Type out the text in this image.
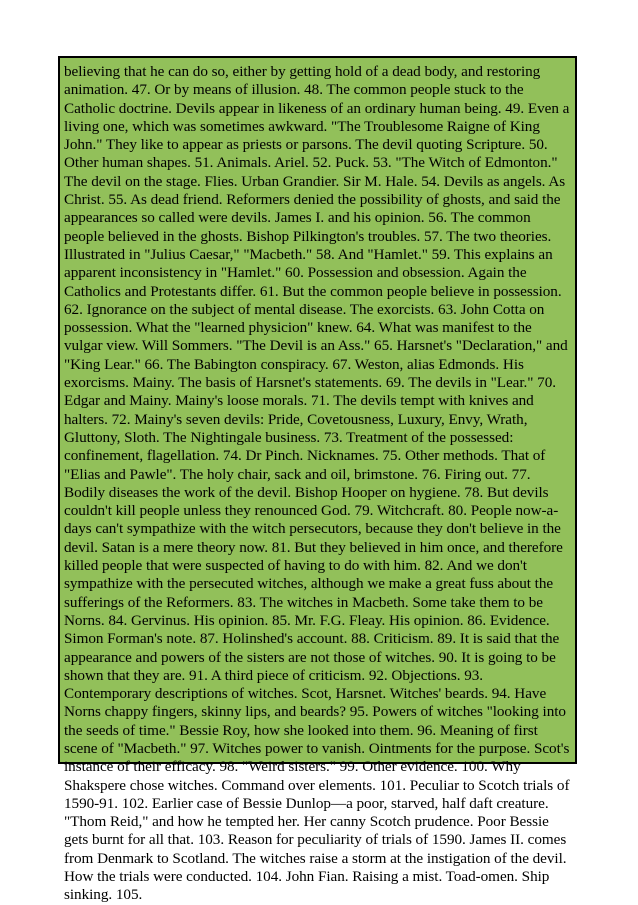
believing that he can do so, either by getting hold of a dead body, and restoring animation. 47. Or by means of illusion. 48. The common people stuck to the Catholic doctrine. Devils appear in likeness of an ordinary human being. 49. Even a living one, which was sometimes awkward. "The Troublesome Raigne of King John." They like to appear as priests or parsons. The devil quoting Scripture. 50. Other human shapes. 51. Animals. Ariel. 52. Puck. 53. "The Witch of Edmonton." The devil on the stage. Flies. Urban Grandier. Sir M. Hale. 54. Devils as angels. As Christ. 55. As dead friend. Reformers denied the possibility of ghosts, and said the appearances so called were devils. James I. and his opinion. 56. The common people believed in the ghosts. Bishop Pilkington's troubles. 57. The two theories. Illustrated in "Julius Caesar," "Macbeth." 58. And "Hamlet." 59. This explains an apparent inconsistency in "Hamlet." 60. Possession and obsession. Again the Catholics and Protestants differ. 61. But the common people believe in possession. 62. Ignorance on the subject of mental disease. The exorcists. 63. John Cotta on possession. What the "learned physicion" knew. 64. What was manifest to the vulgar view. Will Sommers. "The Devil is an Ass." 65. Harsnet's "Declaration," and "King Lear." 66. The Babington conspiracy. 67. Weston, alias Edmonds. His exorcisms. Mainy. The basis of Harsnet's statements. 69. The devils in "Lear." 70. Edgar and Mainy. Mainy's loose morals. 71. The devils tempt with knives and halters. 72. Mainy's seven devils: Pride, Covetousness, Luxury, Envy, Wrath, Gluttony, Sloth. The Nightingale business. 73. Treatment of the possessed: confinement, flagellation. 74. Dr Pinch. Nicknames. 75. Other methods. That of "Elias and Pawle". The holy chair, sack and oil, brimstone. 76. Firing out. 77. Bodily diseases the work of the devil. Bishop Hooper on hygiene. 78. But devils couldn't kill people unless they renounced God. 79. Witchcraft. 80. People now-a-days can't sympathize with the witch persecutors, because they don't believe in the devil. Satan is a mere theory now. 81. But they believed in him once, and therefore killed people that were suspected of having to do with him. 82. And we don't sympathize with the persecuted witches, although we make a great fuss about the sufferings of the Reformers. 83. The witches in Macbeth. Some take them to be Norns. 84. Gervinus. His opinion. 85. Mr. F.G. Fleay. His opinion. 86. Evidence. Simon Forman's note. 87. Holinshed's account. 88. Criticism. 89. It is said that the appearance and powers of the sisters are not those of witches. 90. It is going to be shown that they are. 91. A third piece of criticism. 92. Objections. 93. Contemporary descriptions of witches. Scot, Harsnet. Witches' beards. 94. Have Norns chappy fingers, skinny lips, and beards? 95. Powers of witches "looking into the seeds of time." Bessie Roy, how she looked into them. 96. Meaning of first scene of "Macbeth." 97. Witches power to vanish. Ointments for the purpose. Scot's instance of their efficacy. 98. "Weird sisters." 99. Other evidence. 100. Why Shakspere chose witches. Command over elements. 101. Peculiar to Scotch trials of 1590-91. 102. Earlier case of Bessie Dunlop—a poor, starved, half daft creature. "Thom Reid," and how he tempted her. Her canny Scotch prudence. Poor Bessie gets burnt for all that. 103. Reason for peculiarity of trials of 1590. James II. comes from Denmark to Scotland. The witches raise a storm at the instigation of the devil. How the trials were conducted. 104. John Fian. Raising a mist. Toad-omen. Ship sinking. 105.
